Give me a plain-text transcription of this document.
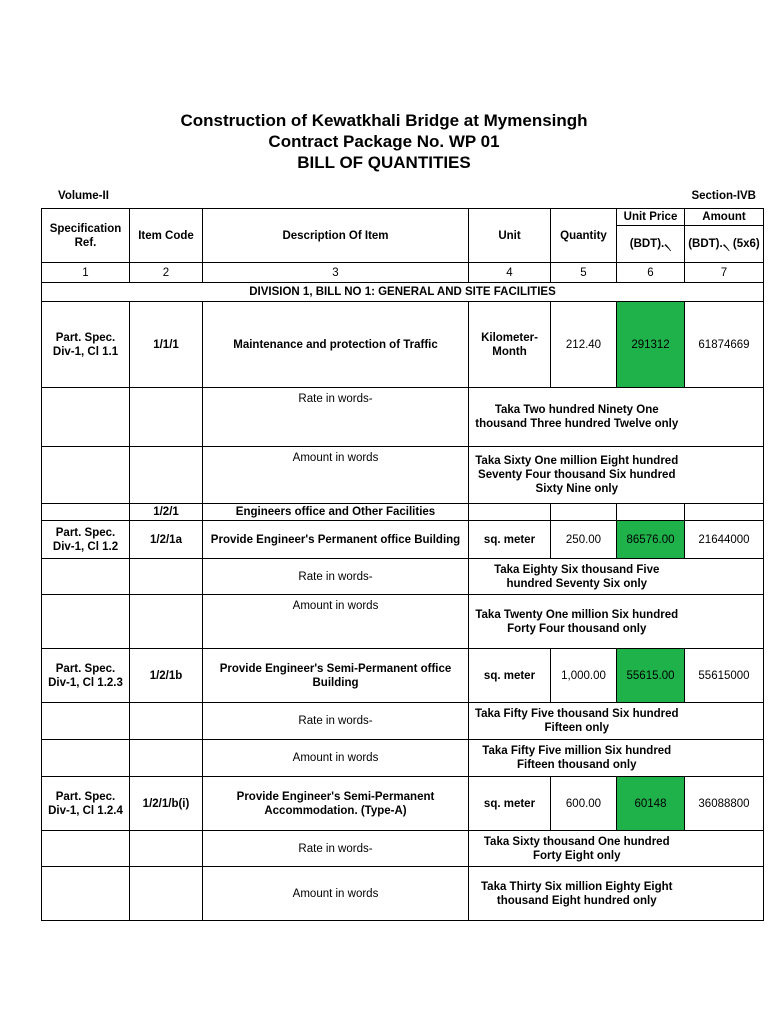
Construction of Kewatkhali Bridge at Mymensingh
Contract Package No. WP 01
BILL OF QUANTITIES
Volume-II	Section-IVB
Specification Ref.	Item Code	Description Of Item	Unit	Quantity	Unit Price	Amount
					(BDT).৲	(BDT).৲ (5x6)
1	2	3	4	5	6	7
DIVISION 1, BILL NO 1: GENERAL AND SITE FACILITIES						
Part. Spec. Div-1, Cl 1.1	1/1/1	Maintenance and protection of Traffic	Kilometer-Month	212.40	291312	61874669
		Rate in words-	Taka Two hundred Ninety One thousand Three hundred Twelve only			
		Amount in words	Taka Sixty One million Eight hundred Seventy Four thousand Six hundred Sixty Nine only			
	1/2/1	Engineers office and Other Facilities				
Part. Spec. Div-1, Cl 1.2	1/2/1a	Provide Engineer's Permanent office Building	sq. meter	250.00	86576.00	21644000
		Rate in words-	Taka Eighty Six thousand Five hundred Seventy Six only			
		Amount in words	Taka Twenty One million Six hundred Forty Four thousand only			
Part. Spec. Div-1, Cl 1.2.3	1/2/1b	Provide Engineer's Semi-Permanent office Building	sq. meter	1,000.00	55615.00	55615000
		Rate in words-	Taka Fifty Five thousand Six hundred Fifteen only			
		Amount in words	Taka Fifty Five million Six hundred Fifteen thousand only			
Part. Spec. Div-1, Cl 1.2.4	1/2/1/b(i)	Provide Engineer's Semi-Permanent Accommodation. (Type-A)	sq. meter	600.00	60148	36088800
		Rate in words-	Taka Sixty thousand One hundred Forty Eight only			
		Amount in words	Taka Thirty Six million Eighty Eight thousand Eight hundred only			
